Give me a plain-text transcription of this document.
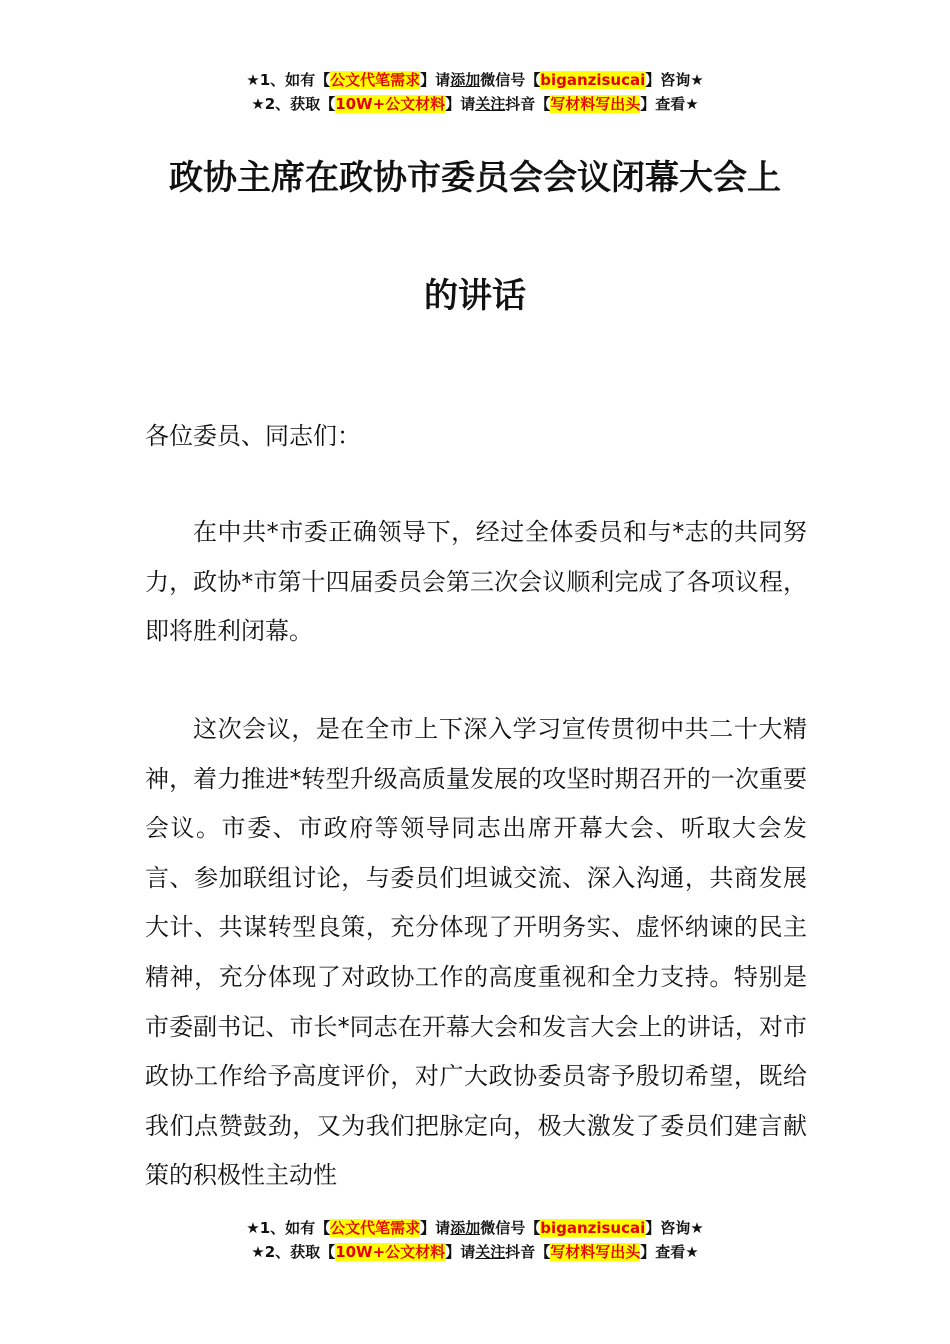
★1、如有【公文代笔需求】请添加微信号【biganzisucai】咨询★
★2、获取【10W+公文材料】请关注抖音【写材料写出头】查看★
政协主席在政协市委员会会议闭幕大会上
的讲话
各位委员、同志们：

在中共*市委正确领导下，经过全体委员和与*志的共同努力，政协*市第十四届委员会第三次会议顺利完成了各项议程，即将胜利闭幕。

这次会议，是在全市上下深入学习宣传贯彻中共二十大精神，着力推进*转型升级高质量发展的攻坚时期召开的一次重要会议。市委、市政府等领导同志出席开幕大会、听取大会发言、参加联组讨论，与委员们坦诚交流、深入沟通，共商发展大计、共谋转型良策，充分体现了开明务实、虚怀纳谏的民主精神，充分体现了对政协工作的高度重视和全力支持。特别是市委副书记、市长*同志在开幕大会和发言大会上的讲话，对市政协工作给予高度评价，对广大政协委员寄予殷切希望，既给我们点赞鼓劲，又为我们把脉定向，极大激发了委员们建言献策的积极性主动性

★1、如有【公文代笔需求】请添加微信号【biganzisucai】咨询★
★2、获取【10W+公文材料】请关注抖音【写材料写出头】查看★
